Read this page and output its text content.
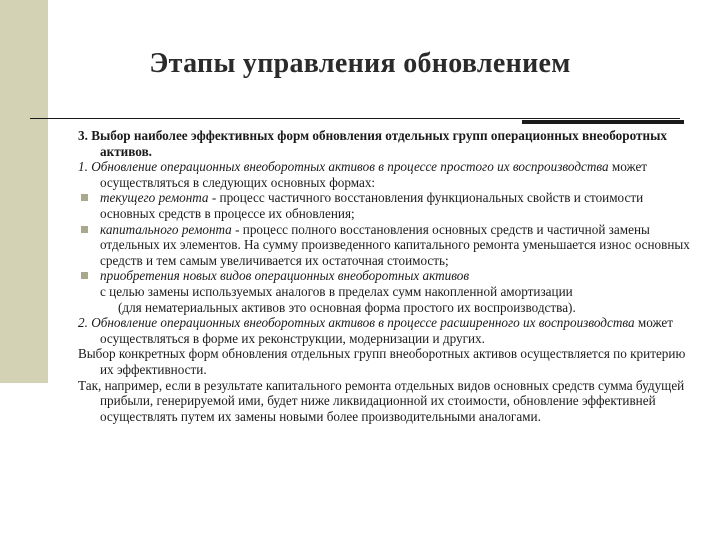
Этапы управления обновлением

3. Выбор наиболее эффективных форм обновления отдельных групп операционных внеоборотных активов.

1. Обновление операционных внеоборотных активов в процессе простого их воспроизводства может осуществляться в следующих основных формах:

текущего ремонта - процесс частичного восстановления функциональных свойств и стоимости основных средств в процессе их обновления;

капитального ремонта - процесс полного восстановления основных средств и частичной замены отдельных их элементов. На сумму произведенного капитального ремонта уменьшается износ основных средств и тем самым увеличивается их остаточная стоимость;

приобретения новых видов операционных внеоборотных активов
с целью замены используемых аналогов в пределах сумм накопленной амортизации

(для нематериальных активов это основная форма простого их воспроизводства).

2. Обновление операционных внеоборотных активов в процессе расширенного их воспроизводства может осуществляться в форме их реконструкции, модернизации и других.

Выбор конкретных форм обновления отдельных групп внеоборотных активов осуществляется по критерию их эффективности.

Так, например, если в результате капитального ремонта отдельных видов основных средств сумма будущей прибыли, генерируемой ими, будет ниже ликвидационной их стоимости, обновление эффективней осуществлять путем их замены новыми более производительными аналогами.
